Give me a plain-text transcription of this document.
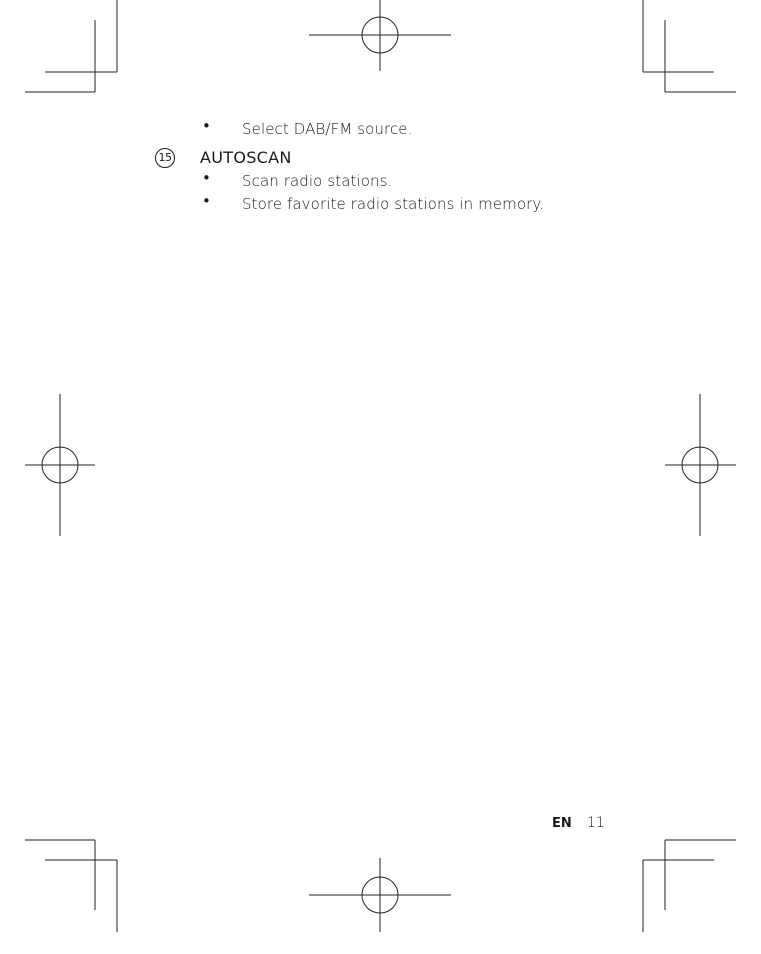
• Select DAB/FM source.
15 AUTOSCAN
• Scan radio stations.
• Store favorite radio stations in memory.
EN 11
